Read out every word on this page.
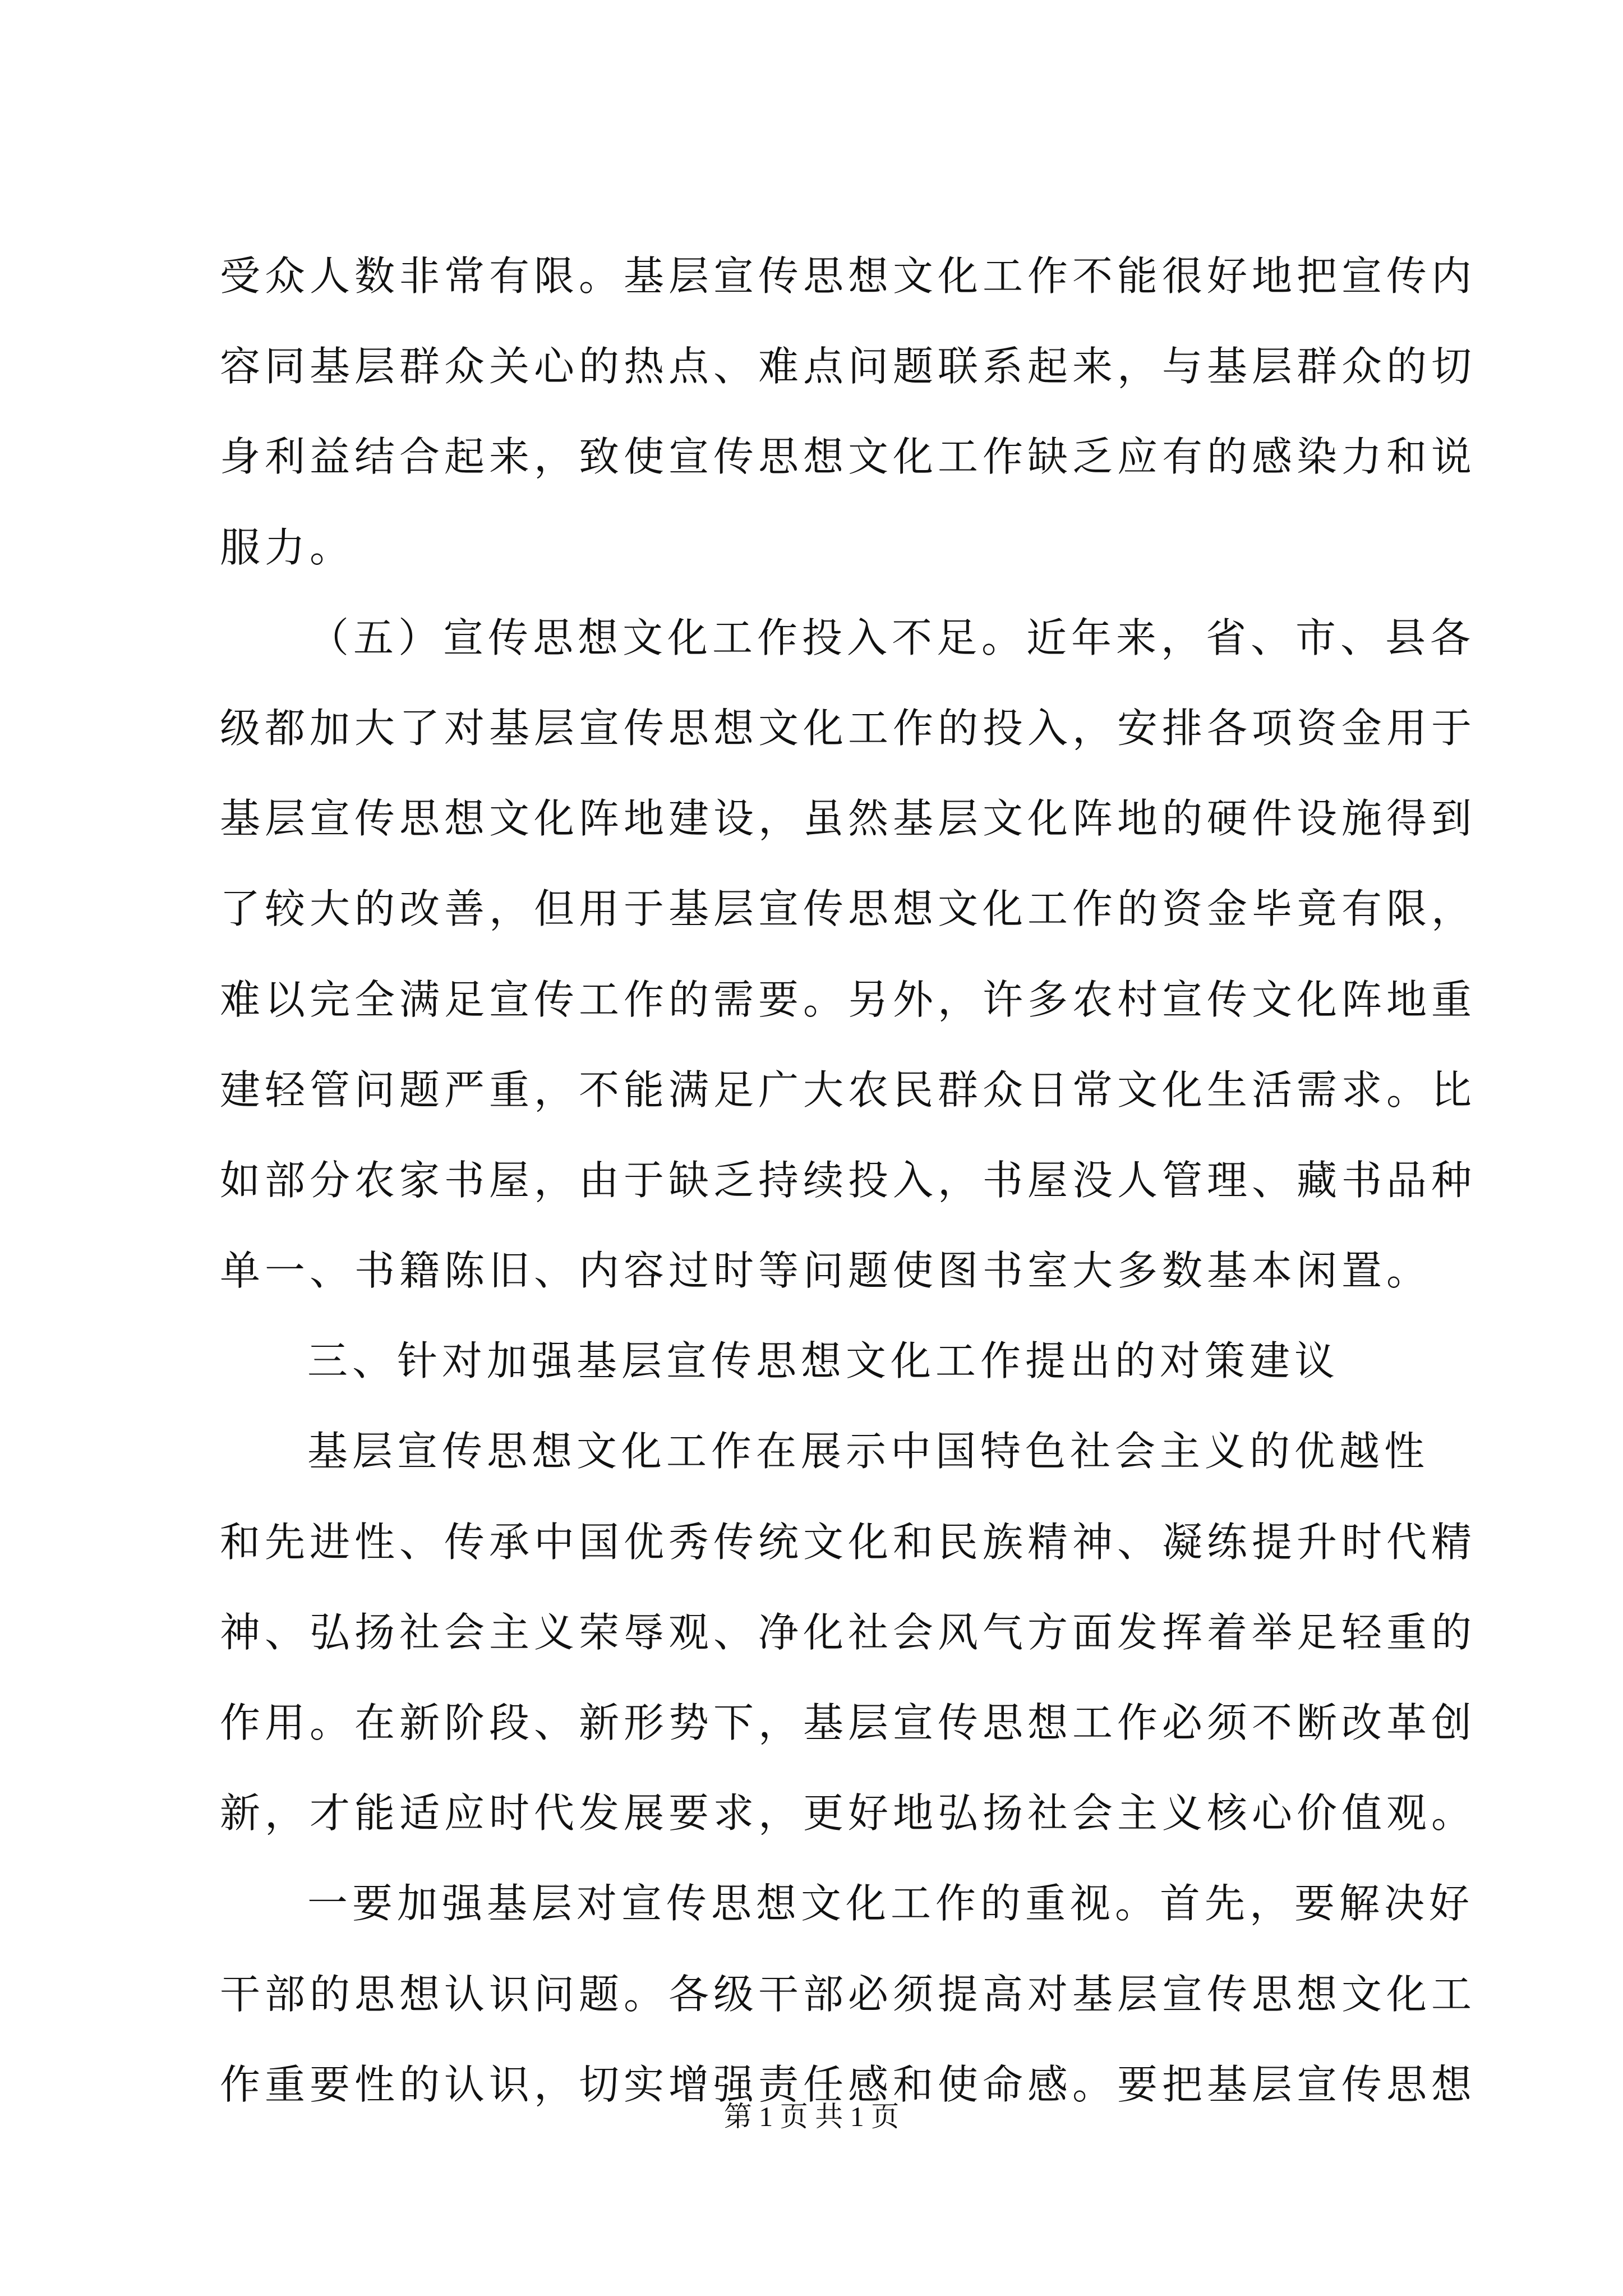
受众人数非常有限。基层宣传思想文化工作不能很好地把宣传内
容同基层群众关心的热点、难点问题联系起来，与基层群众的切
身利益结合起来，致使宣传思想文化工作缺乏应有的感染力和说
服力。
（五）宣传思想文化工作投入不足。近年来，省、市、县各
级都加大了对基层宣传思想文化工作的投入，安排各项资金用于
基层宣传思想文化阵地建设，虽然基层文化阵地的硬件设施得到
了较大的改善，但用于基层宣传思想文化工作的资金毕竟有限，
难以完全满足宣传工作的需要。另外，许多农村宣传文化阵地重
建轻管问题严重，不能满足广大农民群众日常文化生活需求。比
如部分农家书屋，由于缺乏持续投入，书屋没人管理、藏书品种
单一、书籍陈旧、内容过时等问题使图书室大多数基本闲置。
三、针对加强基层宣传思想文化工作提出的对策建议
基层宣传思想文化工作在展示中国特色社会主义的优越性
和先进性、传承中国优秀传统文化和民族精神、凝练提升时代精
神、弘扬社会主义荣辱观、净化社会风气方面发挥着举足轻重的
作用。在新阶段、新形势下，基层宣传思想工作必须不断改革创
新，才能适应时代发展要求，更好地弘扬社会主义核心价值观。
一要加强基层对宣传思想文化工作的重视。首先，要解决好
干部的思想认识问题。各级干部必须提高对基层宣传思想文化工
作重要性的认识，切实增强责任感和使命感。要把基层宣传思想
第 1 页 共 1 页
